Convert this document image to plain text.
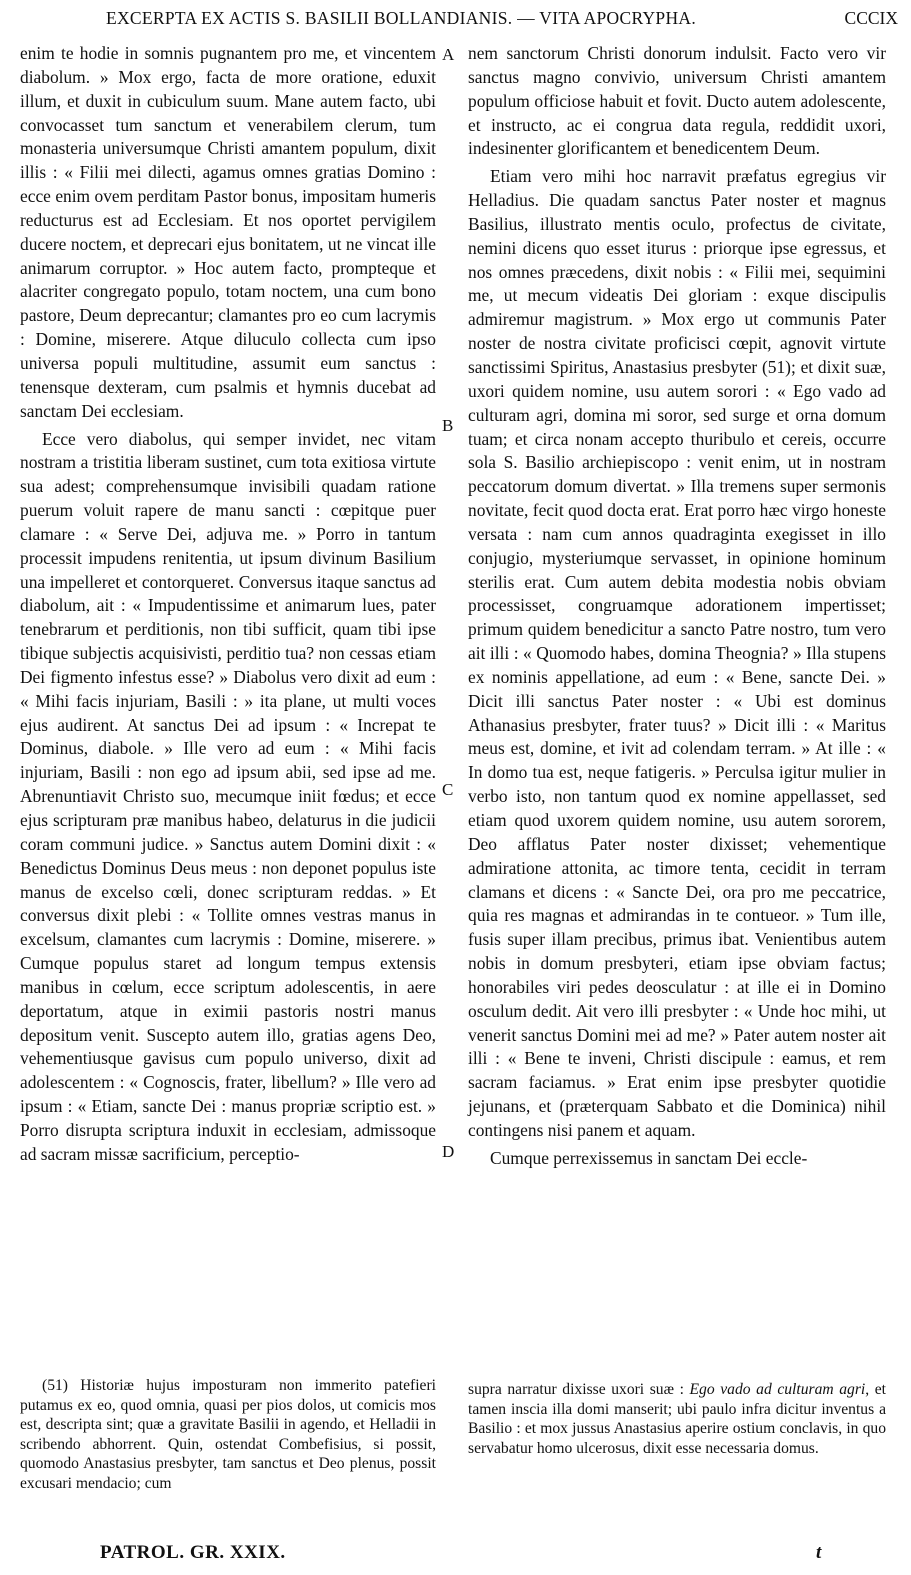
EXCERPTA EX ACTIS S. BASILII BOLLANDIANIS. — VITA APOCRYPHA.	CCCIX

enim te hodie in somnis pugnantem pro me, et vincentem diabolum. » Mox ergo, facta de more oratione, eduxit illum, et duxit in cubiculum suum. Mane autem facto, ubi convocasset tum sanctum et venerabilem clerum, tum monasteria universumque Christi amantem populum, dixit illis : « Filii mei dilecti, agamus omnes gratias Domino : ecce enim ovem perditam Pastor bonus, impositam humeris reducturus est ad Ecclesiam. Et nos oportet pervigilem ducere noctem, et deprecari ejus bonitatem, ut ne vincat ille animarum corruptor. » Hoc autem facto, prompteque et alacriter congregato populo, totam noctem, una cum bono pastore, Deum deprecantur; clamantes pro eo cum lacrymis : Domine, miserere. Atque diluculo collecta cum ipso universa populi multitudine, assumit eum sanctus : tenensque dexteram, cum psalmis et hymnis ducebat ad sanctam Dei ecclesiam.

Ecce vero diabolus, qui semper invidet, nec vitam nostram a tristitia liberam sustinet, cum tota exitiosa virtute sua adest; comprehensumque invisibili quadam ratione puerum voluit rapere de manu sancti : cœpitque puer clamare : « Serve Dei, adjuva me. » Porro in tantum processit impudens renitentia, ut ipsum divinum Basilium una impelleret et contorqueret. Conversus itaque sanctus ad diabolum, ait : « Impudentissime et animarum lues, pater tenebrarum et perditionis, non tibi sufficit, quam tibi ipse tibique subjectis acquisivisti, perditio tua? non cessas etiam Dei figmento infestus esse? » Diabolus vero dixit ad eum : « Mihi facis injuriam, Basili : » ita plane, ut multi voces ejus audirent. At sanctus Dei ad ipsum : « Increpat te Dominus, diabole. » Ille vero ad eum : « Mihi facis injuriam, Basili : non ego ad ipsum abii, sed ipse ad me. Abrenuntiavit Christo suo, mecumque iniit fœdus; et ecce ejus scripturam præ manibus habeo, delaturus in die judicii coram communi judice. » Sanctus autem Domini dixit : « Benedictus Dominus Deus meus : non deponet populus iste manus de excelso cœli, donec scripturam reddas. » Et conversus dixit plebi : « Tollite omnes vestras manus in excelsum, clamantes cum lacrymis : Domine, miserere. » Cumque populus staret ad longum tempus extensis manibus in cœlum, ecce scriptum adolescentis, in aere deportatum, atque in eximii pastoris nostri manus depositum venit. Suscepto autem illo, gratias agens Deo, vehementiusque gavisus cum populo universo, dixit ad adolescentem : « Cognoscis, frater, libellum? » Ille vero ad ipsum : « Etiam, sancte Dei : manus propriæ scriptio est. » Porro disrupta scriptura induxit in ecclesiam, admissoque ad sacram missæ sacrificium, perceptio-

nem sanctorum Christi donorum indulsit. Facto vero vir sanctus magno convivio, universum Christi amantem populum officiose habuit et fovit. Ducto autem adolescente, et instructo, ac ei congrua data regula, reddidit uxori, indesinenter glorificantem et benedicentem Deum.

Etiam vero mihi hoc narravit præfatus egregius vir Helladius. Die quadam sanctus Pater noster et magnus Basilius, illustrato mentis oculo, profectus de civitate, nemini dicens quo esset iturus : priorque ipse egressus, et nos omnes præcedens, dixit nobis : « Filii mei, sequimini me, ut mecum videatis Dei gloriam : exque discipulis admiremur magistrum. » Mox ergo ut communis Pater noster de nostra civitate proficisci cœpit, agnovit virtute sanctissimi Spiritus, Anastasius presbyter (51); et dixit suæ, uxori quidem nomine, usu autem sorori : « Ego vado ad culturam agri, domina mi soror, sed surge et orna domum tuam; et circa nonam accepto thuribulo et cereis, occurre sola S. Basilio archiepiscopo : venit enim, ut in nostram peccatorum domum divertat. » Illa tremens super sermonis novitate, fecit quod docta erat. Erat porro hæc virgo honeste versata : nam cum annos quadraginta exegisset in illo conjugio, mysteriumque servasset, in opinione hominum sterilis erat. Cum autem debita modestia nobis obviam processisset, congruamque adorationem impertisset; primum quidem benedicitur a sancto Patre nostro, tum vero ait illi : « Quomodo habes, domina Theognia? » Illa stupens ex nominis appellatione, ad eum : « Bene, sancte Dei. » Dicit illi sanctus Pater noster : « Ubi est dominus Athanasius presbyter, frater tuus? » Dicit illi : « Maritus meus est, domine, et ivit ad colendam terram. » At ille : « In domo tua est, neque fatigeris. » Perculsa igitur mulier in verbo isto, non tantum quod ex nomine appellasset, sed etiam quod uxorem quidem nomine, usu autem sororem, Deo afflatus Pater noster dixisset; vehementique admiratione attonita, ac timore tenta, cecidit in terram clamans et dicens : « Sancte Dei, ora pro me peccatrice, quia res magnas et admirandas in te contueor. » Tum ille, fusis super illam precibus, primus ibat. Venientibus autem nobis in domum presbyteri, etiam ipse obviam factus; honorabiles viri pedes deosculatur : at ille ei in Domino osculum dedit. Ait vero illi presbyter : « Unde hoc mihi, ut venerit sanctus Domini mei ad me? » Pater autem noster ait illi : « Bene te inveni, Christi discipule : eamus, et rem sacram faciamus. » Erat enim ipse presbyter quotidie jejunans, et (præterquam Sabbato et die Dominica) nihil contingens nisi panem et aquam.

Cumque perrexissemus in sanctam Dei eccle-

A
B
C
D

(51) Historiæ hujus imposturam non immerito patefieri putamus ex eo, quod omnia, quasi per pios dolos, ut comicis mos est, descripta sint; quæ a gravitate Basilii in agendo, et Helladii in scribendo abhorrent. Quin, ostendat Combefisius, si possit, quomodo Anastasius presbyter, tam sanctus et Deo plenus, possit excusari mendacio; cum

supra narratur dixisse uxori suæ : Ego vado ad culturam agri, et tamen inscia illa domi manserit; ubi paulo infra dicitur inventus a Basilio : et mox jussus Anastasius aperire ostium conclavis, in quo servabatur homo ulcerosus, dixit esse necessaria domus.

PATROL. GR. XXIX.	t
